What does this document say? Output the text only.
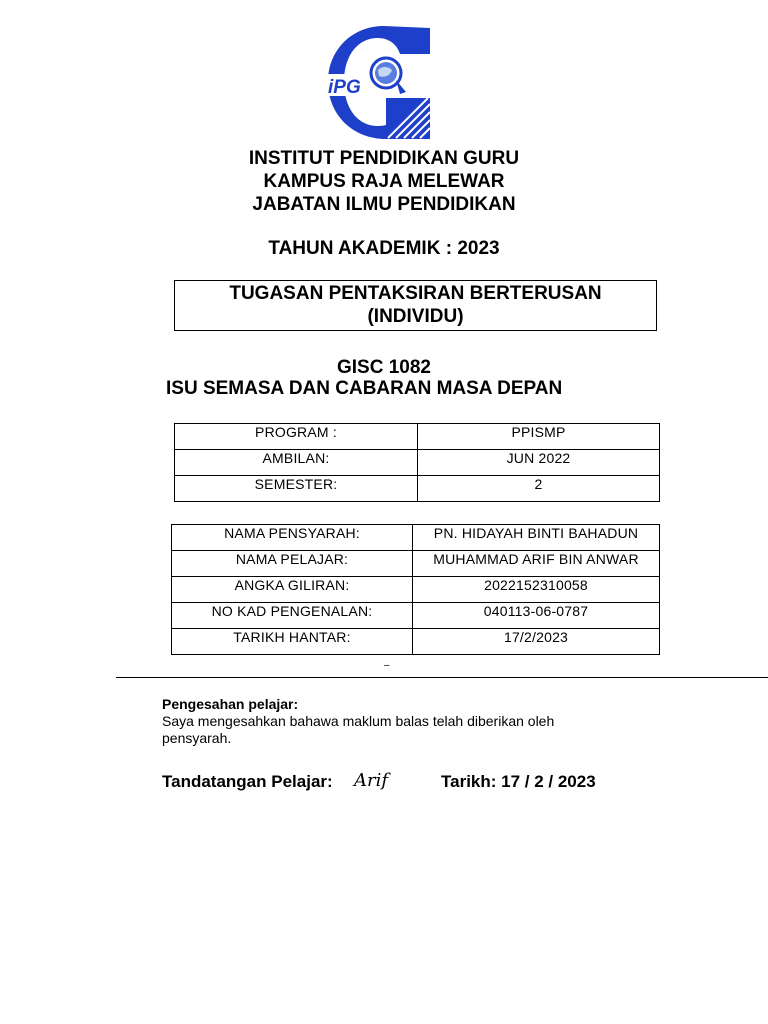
iPG
INSTITUT PENDIDIKAN GURU
KAMPUS RAJA MELEWAR
JABATAN ILMU PENDIDIKAN
TAHUN AKADEMIK : 2023
TUGASAN PENTAKSIRAN BERTERUSAN
(INDIVIDU)
GISC 1082
ISU SEMASA DAN CABARAN MASA DEPAN
PROGRAM :	PPISMP
AMBILAN:	JUN 2022
SEMESTER:	2
NAMA PENSYARAH:	PN. HIDAYAH BINTI BAHADUN
NAMA PELAJAR:	MUHAMMAD ARIF BIN ANWAR
ANGKA GILIRAN:	2022152310058
NO KAD PENGENALAN:	040113-06-0787
TARIKH HANTAR:	17/2/2023
–
Pengesahan pelajar:
Saya mengesahkan bahawa maklum balas telah diberikan oleh pensyarah.
Tandatangan Pelajar: Arif	Tarikh: 17 / 2 / 2023
